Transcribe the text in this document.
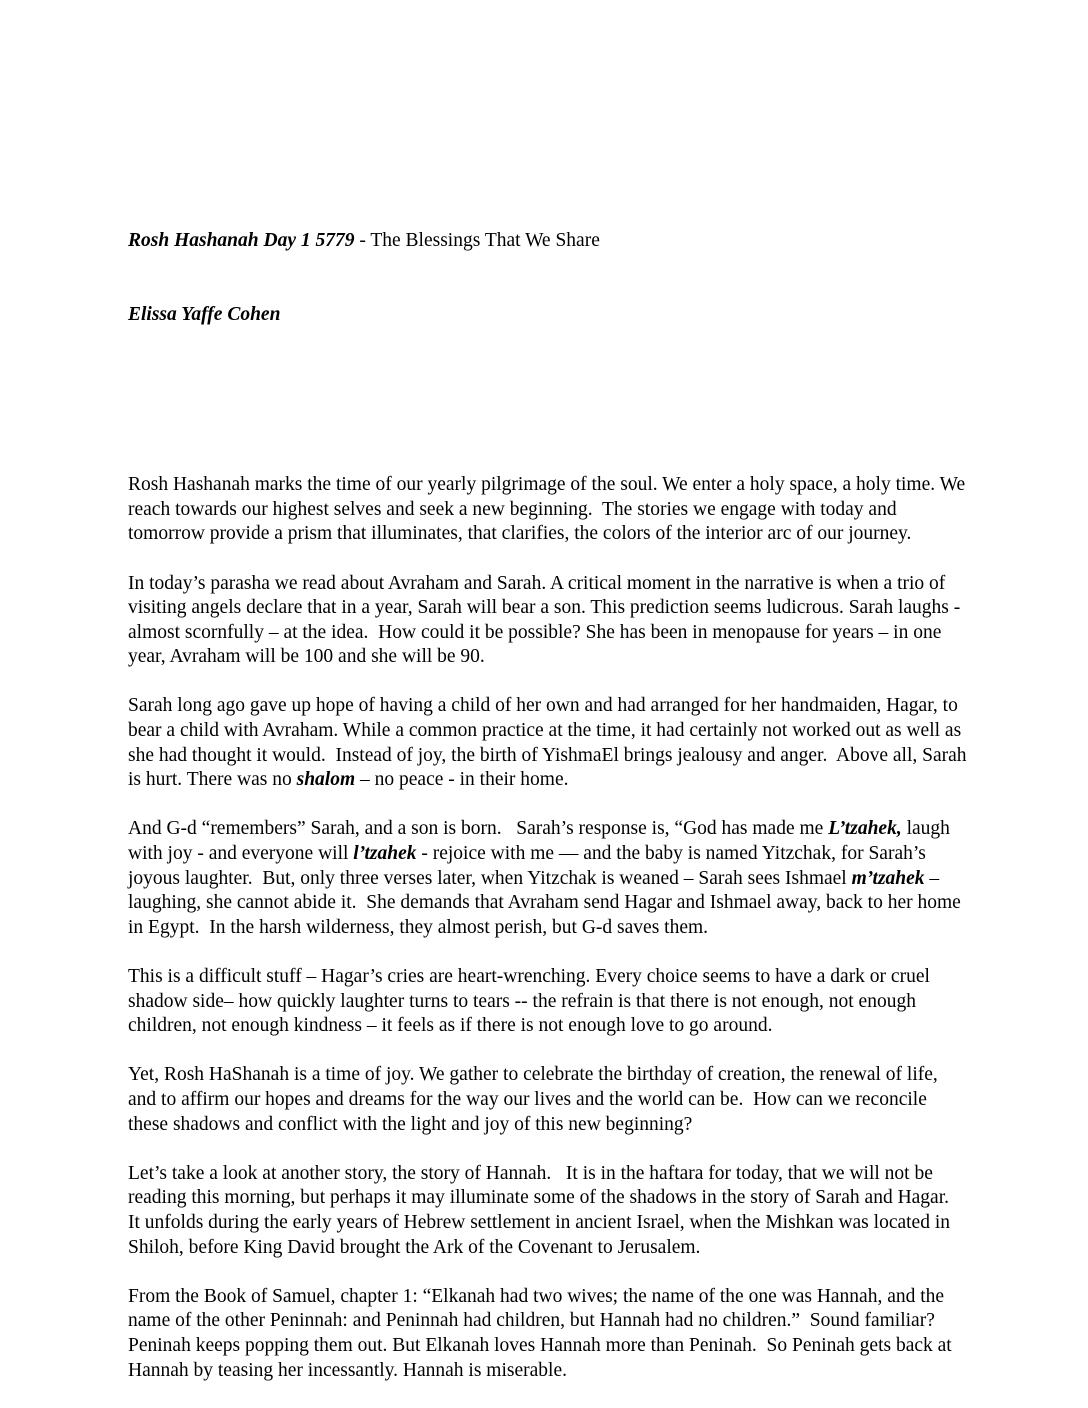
Rosh Hashanah Day 1 5779 - The Blessings That We Share

Elissa Yaffe Cohen

Rosh Hashanah marks the time of our yearly pilgrimage of the soul. We enter a holy space, a holy time. We reach towards our highest selves and seek a new beginning.  The stories we engage with today and tomorrow provide a prism that illuminates, that clarifies, the colors of the interior arc of our journey.

In today’s parasha we read about Avraham and Sarah. A critical moment in the narrative is when a trio of visiting angels declare that in a year, Sarah will bear a son. This prediction seems ludicrous. Sarah laughs - almost scornfully – at the idea.  How could it be possible? She has been in menopause for years – in one year, Avraham will be 100 and she will be 90.

Sarah long ago gave up hope of having a child of her own and had arranged for her handmaiden, Hagar, to bear a child with Avraham. While a common practice at the time, it had certainly not worked out as well as she had thought it would.  Instead of joy, the birth of YishmaEl brings jealousy and anger.  Above all, Sarah is hurt. There was no shalom – no peace - in their home.

And G-d “remembers” Sarah, and a son is born.   Sarah’s response is, “God has made me L’tzahek, laugh with joy - and everyone will l’tzahek - rejoice with me — and the baby is named Yitzchak, for Sarah’s joyous laughter.  But, only three verses later, when Yitzchak is weaned – Sarah sees Ishmael m’tzahek – laughing, she cannot abide it.  She demands that Avraham send Hagar and Ishmael away, back to her home in Egypt.  In the harsh wilderness, they almost perish, but G-d saves them.

This is a difficult stuff – Hagar’s cries are heart-wrenching. Every choice seems to have a dark or cruel shadow side– how quickly laughter turns to tears -- the refrain is that there is not enough, not enough children, not enough kindness – it feels as if there is not enough love to go around.

Yet, Rosh HaShanah is a time of joy. We gather to celebrate the birthday of creation, the renewal of life, and to affirm our hopes and dreams for the way our lives and the world can be.  How can we reconcile these shadows and conflict with the light and joy of this new beginning?

Let’s take a look at another story, the story of Hannah.   It is in the haftara for today, that we will not be reading this morning, but perhaps it may illuminate some of the shadows in the story of Sarah and Hagar.  It unfolds during the early years of Hebrew settlement in ancient Israel, when the Mishkan was located in Shiloh, before King David brought the Ark of the Covenant to Jerusalem.

From the Book of Samuel, chapter 1: “Elkanah had two wives; the name of the one was Hannah, and the name of the other Peninnah: and Peninnah had children, but Hannah had no children.”  Sound familiar?   Peninah keeps popping them out. But Elkanah loves Hannah more than Peninah.  So Peninah gets back at Hannah by teasing her incessantly. Hannah is miserable.
